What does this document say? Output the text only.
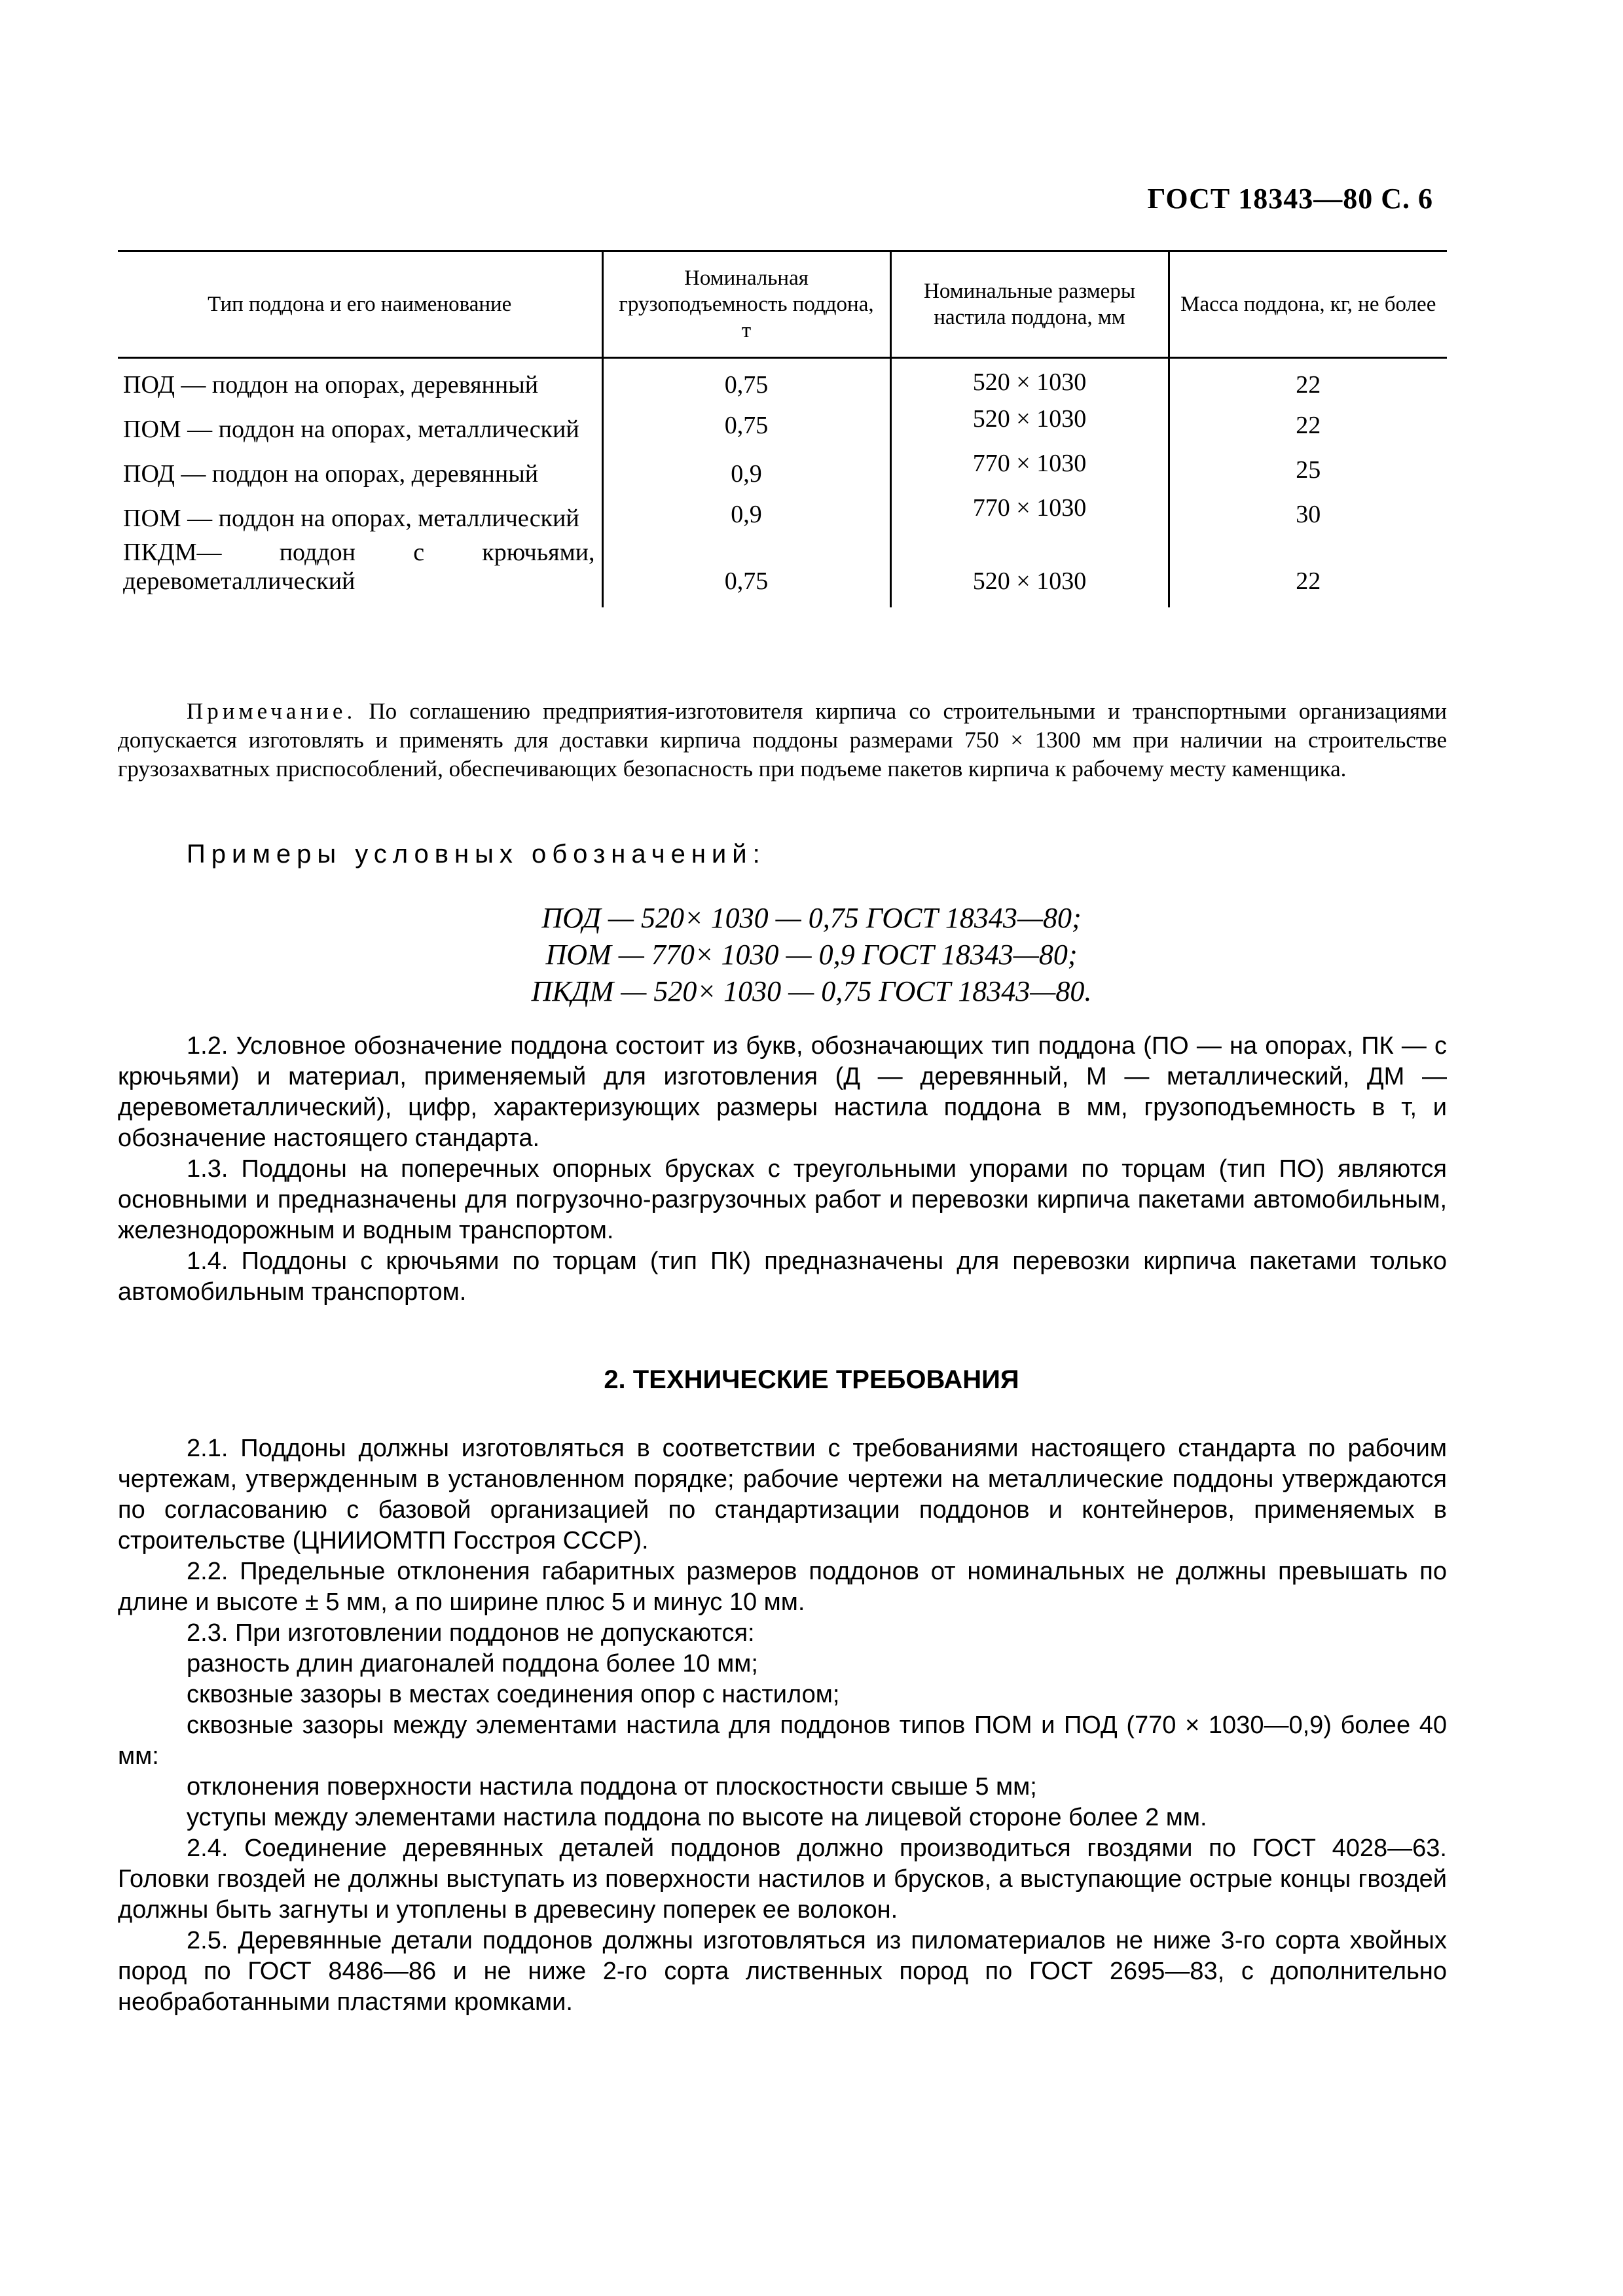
ГОСТ 18343—80 С. 6
Тип поддона и его наименование	Номинальная грузоподъемность поддона, т	Номинальные размеры настила поддона, мм	Масса поддона, кг, не более
ПОД — поддон на опорах, деревянный	0,75	520 × 1030	22
ПОМ — поддон на опорах, металлический	0,75	520 × 1030	22
ПОД — поддон на опорах, деревянный	0,9	770 × 1030	25
ПОМ — поддон на опорах, металлический	0,9	770 × 1030	30
ПКДМ— поддон с крючьями, деревометаллический	0,75	520 × 1030	22
Примечание. По соглашению предприятия-изготовителя кирпича со строительными и транспортными организациями допускается изготовлять и применять для доставки кирпича поддоны размерами 750 × 1300 мм при наличии на строительстве грузозахватных приспособлений, обеспечивающих безопасность при подъеме пакетов кирпича к рабочему месту каменщика.
Примеры условных обозначений:
ПОД — 520× 1030 — 0,75 ГОСТ 18343—80;
ПОМ — 770× 1030 — 0,9 ГОСТ 18343—80;
ПКДМ — 520× 1030 — 0,75 ГОСТ 18343—80.

1.2. Условное обозначение поддона состоит из букв, обозначающих тип поддона (ПО — на опорах, ПК — с крючьями) и материал, применяемый для изготовления (Д — деревянный, М — металлический, ДМ — деревометаллический), цифр, характеризующих размеры настила поддона в мм, грузоподъемность в т, и обозначение настоящего стандарта.

1.3. Поддоны на поперечных опорных брусках с треугольными упорами по торцам (тип ПО) являются основными и предназначены для погрузочно-разгрузочных работ и перевозки кирпича пакетами автомобильным, железнодорожным и водным транспортом.

1.4. Поддоны с крючьями по торцам (тип ПК) предназначены для перевозки кирпича пакетами только автомобильным транспортом.

2. ТЕХНИЧЕСКИЕ ТРЕБОВАНИЯ

2.1. Поддоны должны изготовляться в соответствии с требованиями настоящего стандарта по рабочим чертежам, утвержденным в установленном порядке; рабочие чертежи на металлические поддоны утверждаются по согласованию с базовой организацией по стандартизации поддонов и контейнеров, применяемых в строительстве (ЦНИИОМТП Госстроя СССР).

2.2. Предельные отклонения габаритных размеров поддонов от номинальных не должны превышать по длине и высоте ± 5 мм, а по ширине плюс 5 и минус 10 мм.

2.3. При изготовлении поддонов не допускаются:

разность длин диагоналей поддона более 10 мм;

сквозные зазоры в местах соединения опор с настилом;

сквозные зазоры между элементами настила для поддонов типов ПОМ и ПОД (770 × 1030—0,9) более 40 мм:

отклонения поверхности настила поддона от плоскостности свыше 5 мм;

уступы между элементами настила поддона по высоте на лицевой стороне более 2 мм.

2.4. Соединение деревянных деталей поддонов должно производиться гвоздями по ГОСТ 4028—63. Головки гвоздей не должны выступать из поверхности настилов и брусков, а выступающие острые концы гвоздей должны быть загнуты и утоплены в древесину поперек ее волокон.

2.5. Деревянные детали поддонов должны изготовляться из пиломатериалов не ниже 3-го сорта хвойных пород по ГОСТ 8486—86 и не ниже 2-го сорта лиственных пород по ГОСТ 2695—83, с дополнительно необработанными пластями кромками.
